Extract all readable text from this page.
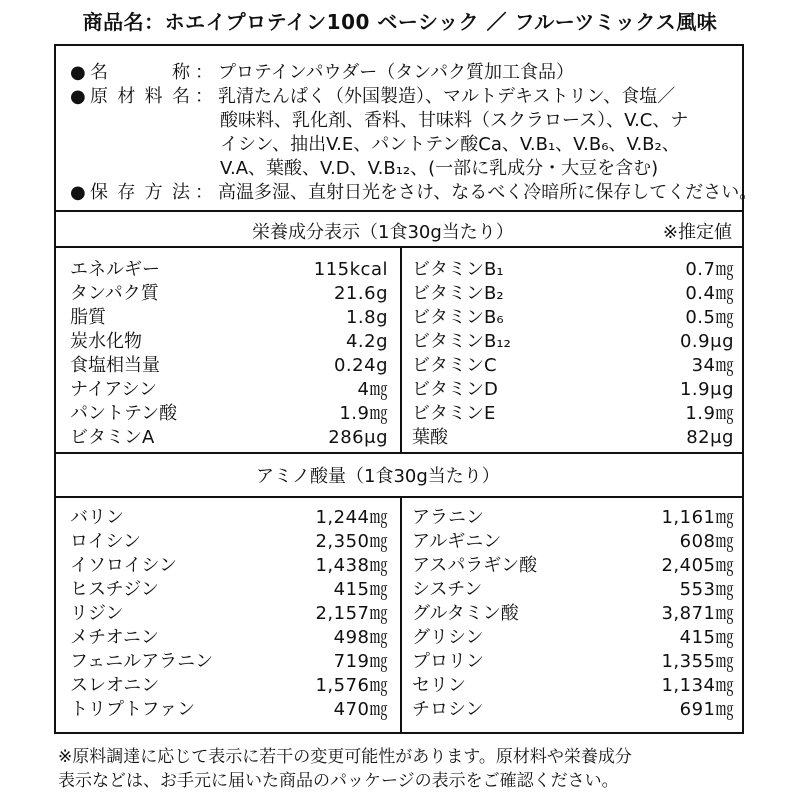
商品名：ホエイプロテイン100 ベーシック ／ フルーツミックス風味
● 名称 ： プロテインパウダー（タンパク質加工食品）
● 原材料名 ： 乳清たんぱく（外国製造）、マルトデキストリン、食塩／
酸味料、乳化剤、香料、甘味料（スクラロース）、V.C、ナ
イシン、抽出V.E、パントテン酸Ca、V.B₁、V.B₆、V.B₂、
V.A、葉酸、V.D、V.B₁₂、(一部に乳成分・大豆を含む)
● 保存方法 ： 高温多湿、直射日光をさけ、なるべく冷暗所に保存してください。
栄養成分表示（1食30g当たり）	※推定値
エネルギー	115kcal
タンパク質	21.6g
脂質	1.8g
炭水化物	4.2g
食塩相当量	0.24g
ナイアシン	4㎎
パントテン酸	1.9㎎
ビタミンA	286μg
ビタミンB₁	0.7㎎
ビタミンB₂	0.4㎎
ビタミンB₆	0.5㎎
ビタミンB₁₂	0.9μg
ビタミンC	34㎎
ビタミンD	1.9μg
ビタミンE	1.9㎎
葉酸	82μg
アミノ酸量（1食30g当たり）
バリン	1,244㎎
ロイシン	2,350㎎
イソロイシン	1,438㎎
ヒスチジン	415㎎
リジン	2,157㎎
メチオニン	498㎎
フェニルアラニン	719㎎
スレオニン	1,576㎎
トリプトファン	470㎎
アラニン	1,161㎎
アルギニン	608㎎
アスパラギン酸	2,405㎎
シスチン	553㎎
グルタミン酸	3,871㎎
グリシン	415㎎
プロリン	1,355㎎
セリン	1,134㎎
チロシン	691㎎
※原料調達に応じて表示に若干の変更可能性があります。原材料や栄養成分
表示などは、お手元に届いた商品のパッケージの表示をご確認ください。
